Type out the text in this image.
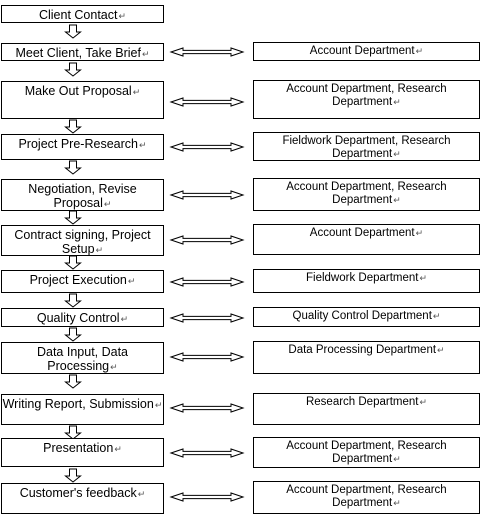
Client Contact↵
Meet Client, Take Brief↵
Make Out Proposal↵
Project Pre-Research↵
Negotiation, Revise Proposal↵
Contract signing, Project Setup↵
Project Execution↵
Quality Control↵
Data Input, Data Processing↵
Writing Report, Submission↵
Presentation↵
Customer's feedback↵
Account Department↵
Account Department, Research Department↵
Fieldwork Department, Research Department↵
Account Department, Research Department↵
Account Department↵
Fieldwork Department↵
Quality Control Department↵
Data Processing Department↵
Research Department↵
Account Department, Research Department↵
Account Department, Research Department↵
